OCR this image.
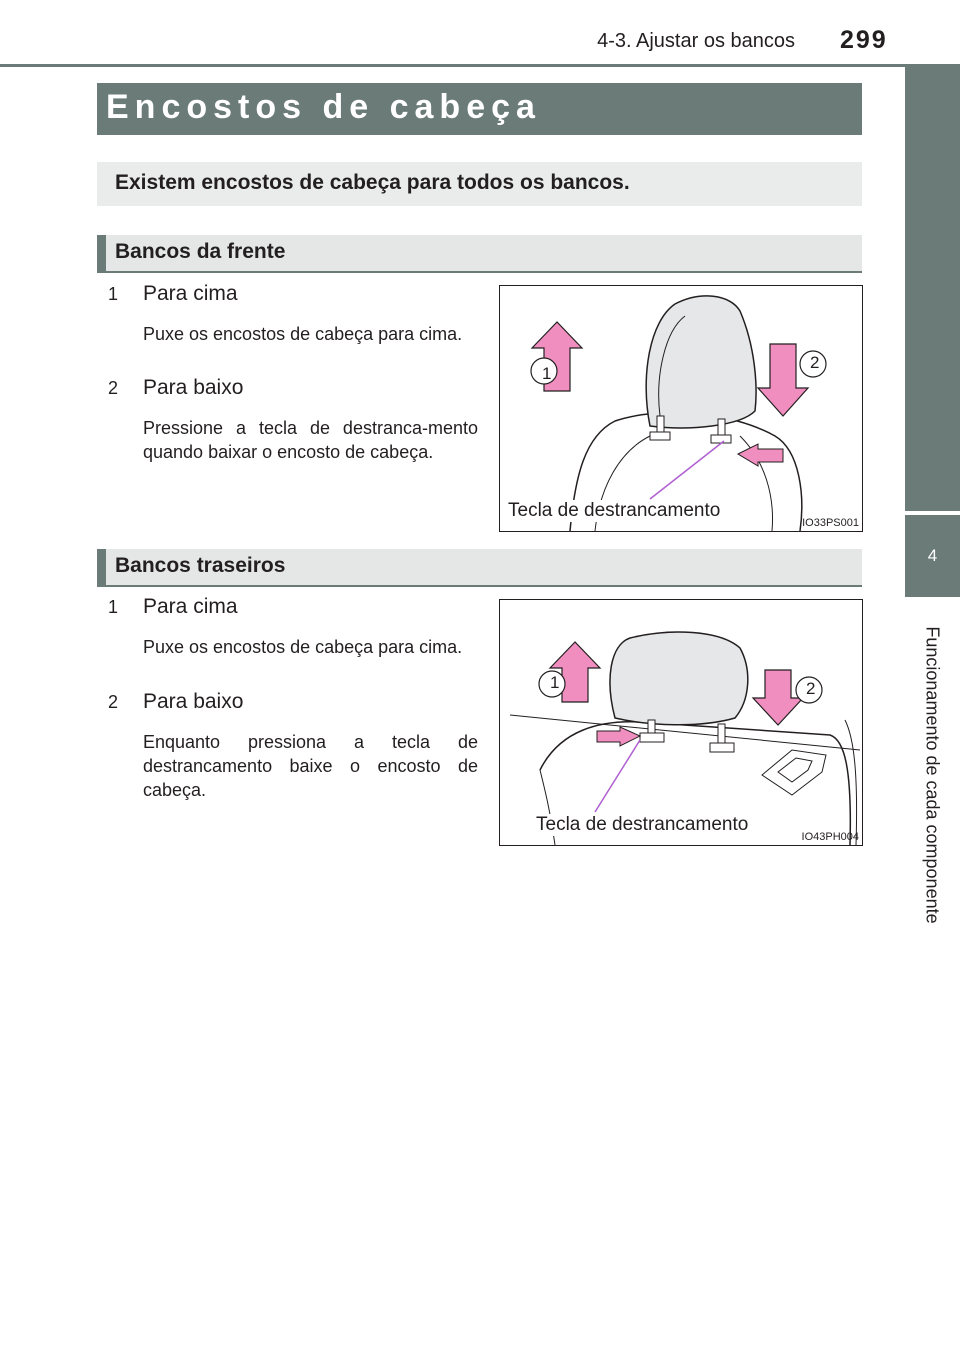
4-3. Ajustar os bancos 299
4
Funcionamento de cada componente
Encostos de cabeça
Existem encostos de cabeça para todos os bancos.
Bancos da frente
1 Para cima
Puxe os encostos de cabeça para cima.
2 Para baixo
Pressione a tecla de destranca-mento quando baixar o encosto de cabeça.
1
2
Tecla de destrancamento
IO33PS001
Bancos traseiros
1 Para cima
Puxe os encostos de cabeça para cima.
2 Para baixo
Enquanto pressiona a tecla de destrancamento baixe o encosto de cabeça.
1	2
Tecla de destrancamento
IO43PH004
